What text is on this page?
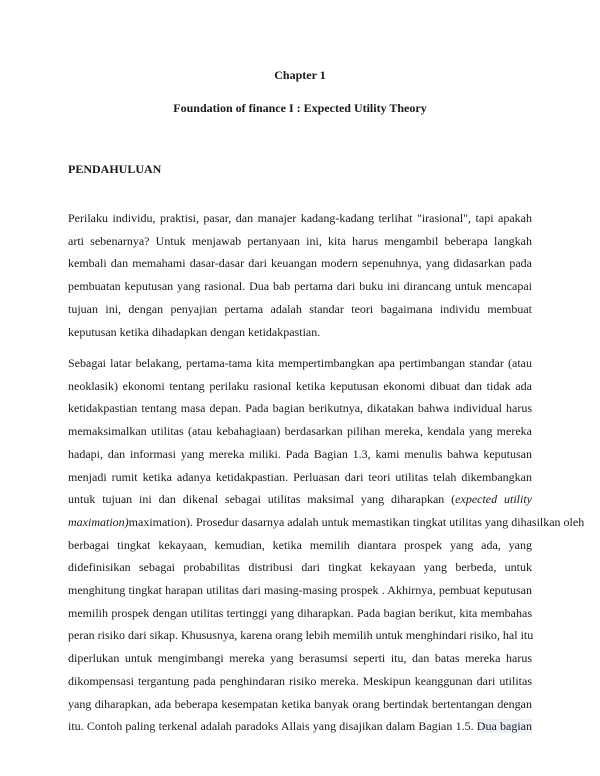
Chapter 1
Foundation of finance I : Expected Utility Theory
PENDAHULUAN
Perilaku individu, praktisi, pasar, dan manajer kadang-kadang terlihat "irasional", tapi apakah
arti sebenarnya? Untuk menjawab pertanyaan ini, kita harus mengambil beberapa langkah
kembali dan memahami dasar-dasar dari keuangan modern sepenuhnya, yang didasarkan pada
pembuatan keputusan yang rasional. Dua bab pertama dari buku ini dirancang untuk mencapai
tujuan ini, dengan penyajian pertama adalah standar teori bagaimana individu membuat
keputusan ketika dihadapkan dengan ketidakpastian.
Sebagai latar belakang, pertama-tama kita mempertimbangkan apa pertimbangan standar (atau
neoklasik) ekonomi tentang perilaku rasional ketika keputusan ekonomi dibuat dan tidak ada
ketidakpastian tentang masa depan. Pada bagian berikutnya, dikatakan bahwa individual harus
memaksimalkan utilitas (atau kebahagiaan) berdasarkan pilihan mereka, kendala yang mereka
hadapi, dan informasi yang mereka miliki. Pada Bagian 1.3, kami menulis bahwa keputusan
menjadi rumit ketika adanya ketidakpastian. Perluasan dari teori utilitas telah dikembangkan
untuk tujuan ini dan dikenal sebagai utilitas maksimal yang diharapkan (expected utility
maximation)maximation). Prosedur dasarnya adalah untuk memastikan tingkat utilitas yang dihasilkan oleh
berbagai tingkat kekayaan, kemudian, ketika memilih diantara prospek yang ada, yang
didefinisikan sebagai probabilitas distribusi dari tingkat kekayaan yang berbeda, untuk
menghitung tingkat harapan utilitas dari masing-masing prospek . Akhirnya, pembuat keputusan
memilih prospek dengan utilitas tertinggi yang diharapkan. Pada bagian berikut, kita membahas
peran risiko dari sikap. Khususnya, karena orang lebih memilih untuk menghindari risiko, hal itu
diperlukan untuk mengimbangi mereka yang berasumsi seperti itu, dan batas mereka harus
dikompensasi tergantung pada penghindaran risiko mereka. Meskipun keanggunan dari utilitas
yang diharapkan, ada beberapa kesempatan ketika banyak orang bertindak bertentangan dengan
itu. Contoh paling terkenal adalah paradoks Allais yang disajikan dalam Bagian 1.5. Dua bagian
